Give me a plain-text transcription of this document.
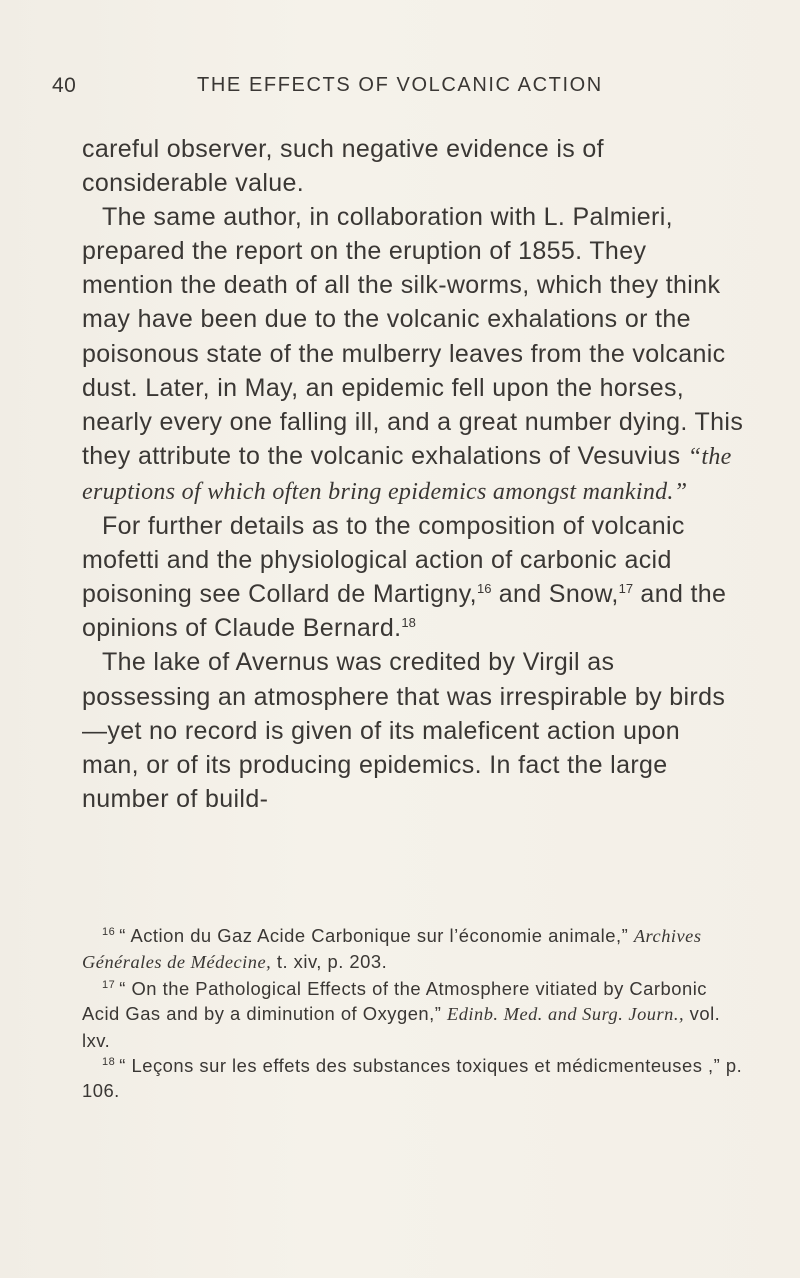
40	THE EFFECTS OF VOLCANIC ACTION

careful observer, such negative evidence is of considerable value.

The same author, in collaboration with L. Palmieri, prepared the report on the eruption of 1855. They mention the death of all the silk-worms, which they think may have been due to the volcanic exhalations or the poisonous state of the mulberry leaves from the volcanic dust. Later, in May, an epidemic fell upon the horses, nearly every one falling ill, and a great number dying. This they attribute to the volcanic exhalations of Vesuvius “the eruptions of which often bring epidemics amongst mankind.”

For further details as to the composition of volcanic mofetti and the physiological action of carbonic acid poisoning see Collard de Martigny,$^{16}$ and Snow,$^{17}$ and the opinions of Claude Bernard.$^{18}$

The lake of Avernus was credited by Virgil as possessing an atmosphere that was irrespirable by birds—yet no record is given of its maleficent action upon man, or of its producing epidemics. In fact the large number of build-

$^{16}$ “ Action du Gaz Acide Carbonique sur l’économie animale,” Archives Générales de Médecine, t. xiv, p. 203.

$^{17}$ “ On the Pathological Effects of the Atmosphere vitiated by Carbonic Acid Gas and by a diminution of Oxygen,” Edinb. Med. and Surg. Journ., vol. lxv.

$^{18}$ “ Leçons sur les effets des substances toxiques et médicmenteuses ,” p. 106.
